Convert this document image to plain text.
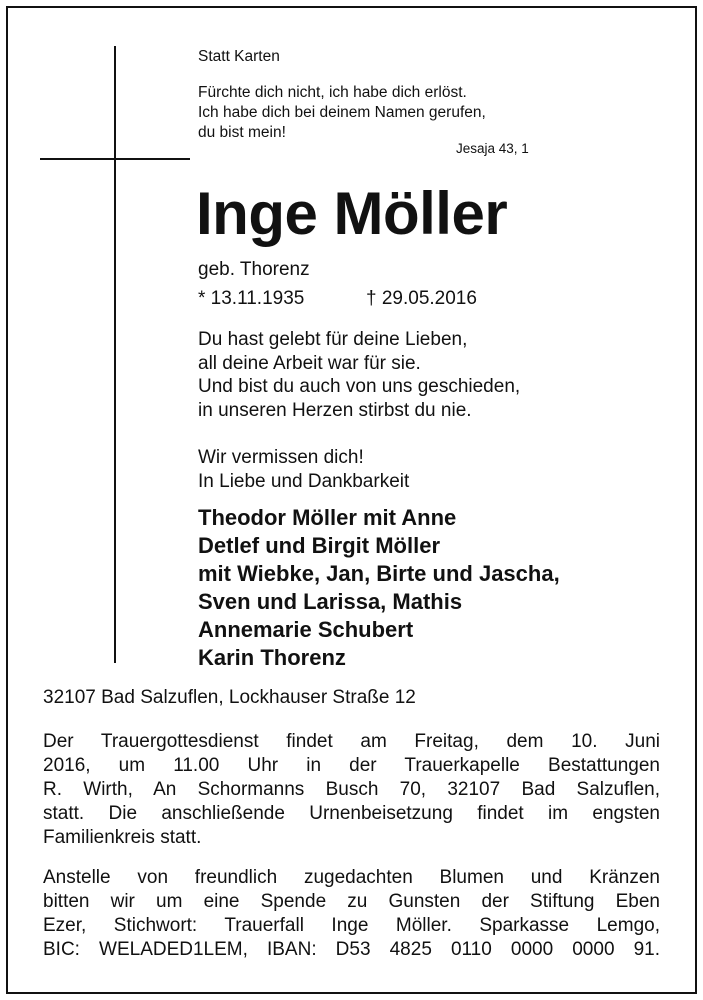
Statt Karten
Fürchte dich nicht, ich habe dich erlöst.
Ich habe dich bei deinem Namen gerufen,
du bist mein!
Jesaja 43, 1
Inge Möller
geb. Thorenz
* 13.11.1935	† 29.05.2016
Du hast gelebt für deine Lieben,
all deine Arbeit war für sie.
Und bist du auch von uns geschieden,
in unseren Herzen stirbst du nie.
Wir vermissen dich!
In Liebe und Dankbarkeit
Theodor Möller mit Anne
Detlef und Birgit Möller
mit Wiebke, Jan, Birte und Jascha,
Sven und Larissa, Mathis
Annemarie Schubert
Karin Thorenz
32107 Bad Salzuflen, Lockhauser Straße 12
Der Trauergottesdienst findet am Freitag, dem 10. Juni
2016, um 11.00 Uhr in der Trauerkapelle Bestattungen
R. Wirth, An Schormanns Busch 70, 32107 Bad Salzuflen,
statt. Die anschließende Urnenbeisetzung findet im engsten
Familienkreis statt.
Anstelle von freundlich zugedachten Blumen und Kränzen
bitten wir um eine Spende zu Gunsten der Stiftung Eben
Ezer, Stichwort: Trauerfall Inge Möller. Sparkasse Lemgo,
BIC: WELADED1LEM, IBAN: D53 4825 0110 0000 0000 91.
